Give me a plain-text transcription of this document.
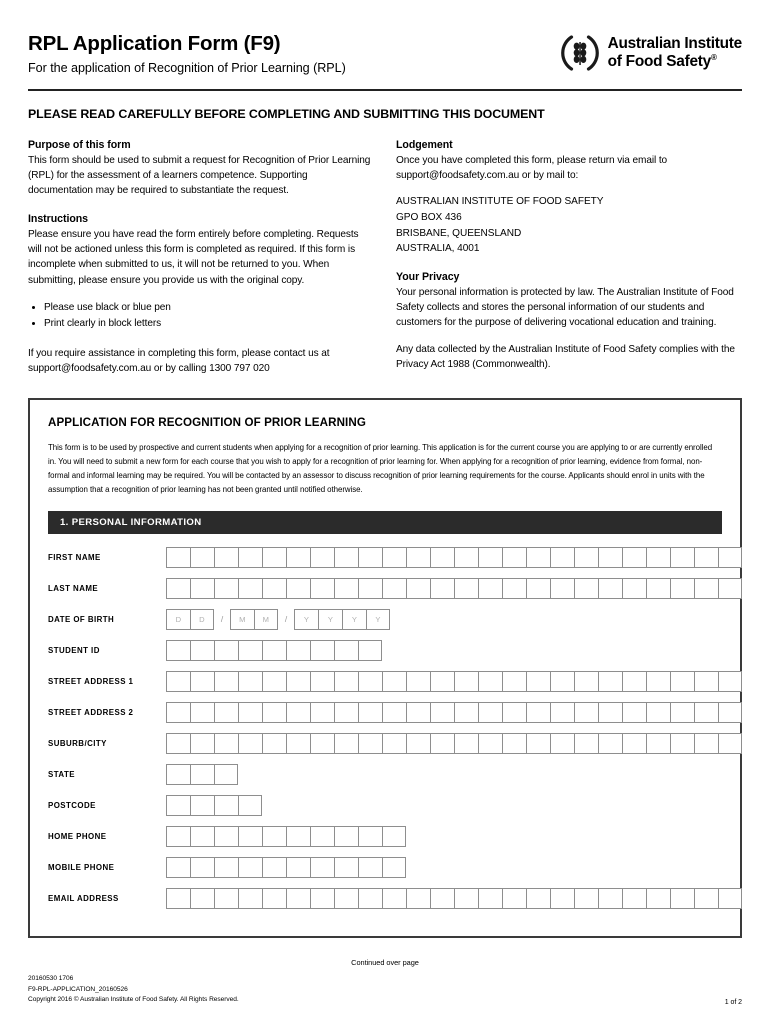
RPL Application Form (F9)
For the application of Recognition of Prior Learning (RPL)
Australian Institute
of Food Safety®
PLEASE READ CAREFULLY BEFORE COMPLETING AND SUBMITTING THIS DOCUMENT
Purpose of this form

This form should be used to submit a request for Recognition of Prior Learning (RPL) for the assessment of a learners competence. Supporting documentation may be required to substantiate the request.

Instructions

Please ensure you have read the form entirely before completing. Requests will not be actioned unless this form is completed as required. If this form is incomplete when submitted to us, it will not be returned to you. When submitting, please ensure you provide us with the original copy.

• Please use black or blue pen
• Print clearly in block letters

If you require assistance in completing this form, please contact us at support@foodsafety.com.au or by calling 1300 797 020

Lodgement

Once you have completed this form, please return via email to support@foodsafety.com.au or by mail to:

AUSTRALIAN INSTITUTE OF FOOD SAFETY
GPO BOX 436
BRISBANE, QUEENSLAND
AUSTRALIA, 4001
Your Privacy

Your personal information is protected by law. The Australian Institute of Food Safety collects and stores the personal information of our students and customers for the purpose of delivering vocational education and training.

Any data collected by the Australian Institute of Food Safety complies with the Privacy Act 1988 (Commonwealth).

APPLICATION FOR RECOGNITION OF PRIOR LEARNING
This form is to be used by prospective and current students when applying for a recognition of prior learning. This application is for the current course you are applying to or are currently enrolled in. You will need to submit a new form for each course that you wish to apply for a recognition of prior learning for. When applying for a recognition of prior learning, evidence from formal, non-formal and informal learning may be required. You will be contacted by an assessor to discuss recognition of prior learning requirements for the course. Applicants should enrol in units with the assumption that a recognition of prior learning has not been granted until notified otherwise.
1. PERSONAL INFORMATION
FIRST NAME
LAST NAME
DATE OF BIRTH	D	D	/	M	M	/	Y	Y	Y	Y
STUDENT ID
STREET ADDRESS 1
STREET ADDRESS 2
SUBURB/CITY
STATE
POSTCODE
HOME PHONE
MOBILE PHONE
EMAIL ADDRESS
Continued over page
20160530 1706
F9-RPL-APPLICATION_20160526
Copyright 2016 © Australian Institute of Food Safety. All Rights Reserved.	1 of 2
